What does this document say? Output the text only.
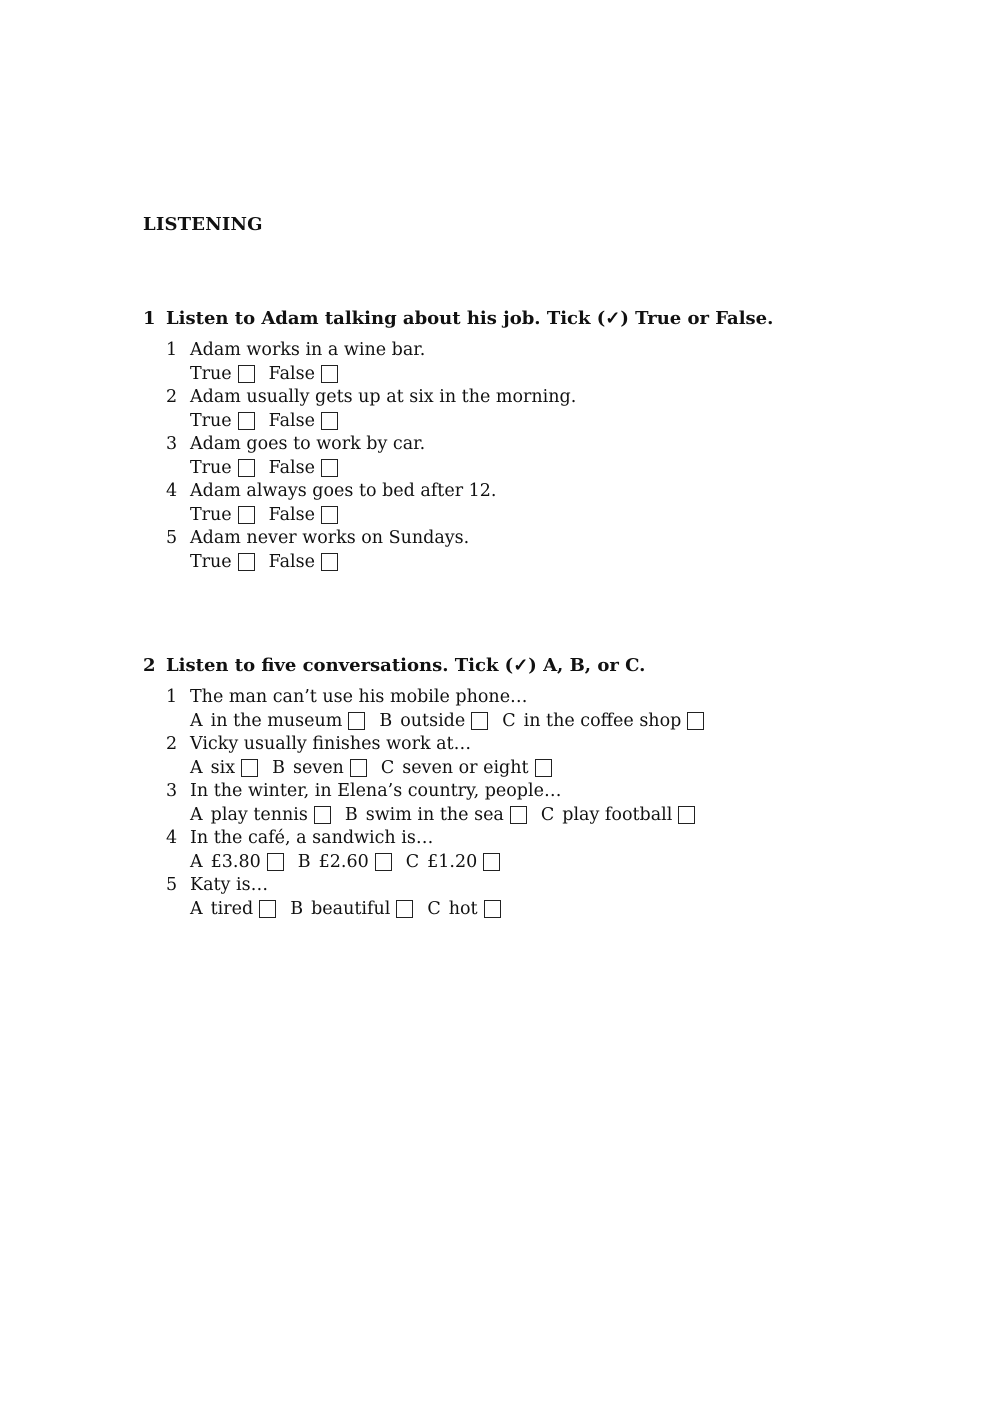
LISTENING
1 Listen to Adam talking about his job. Tick (✓) True or False.
1 Adam works in a wine bar.
True False
2 Adam usually gets up at six in the morning.
True False
3 Adam goes to work by car.
True False
4 Adam always goes to bed after 12.
True False
5 Adam never works on Sundays.
True False
2 Listen to five conversations. Tick (✓) A, B, or C.
1 The man can’t use his mobile phone…
A in the museum B outside C in the coffee shop
2 Vicky usually finishes work at…
A six B seven C seven or eight
3 In the winter, in Elena’s country, people…
A play tennis B swim in the sea C play football
4 In the café, a sandwich is…
A £3.80 B £2.60 C £1.20
5 Katy is…
A tired B beautiful C hot
